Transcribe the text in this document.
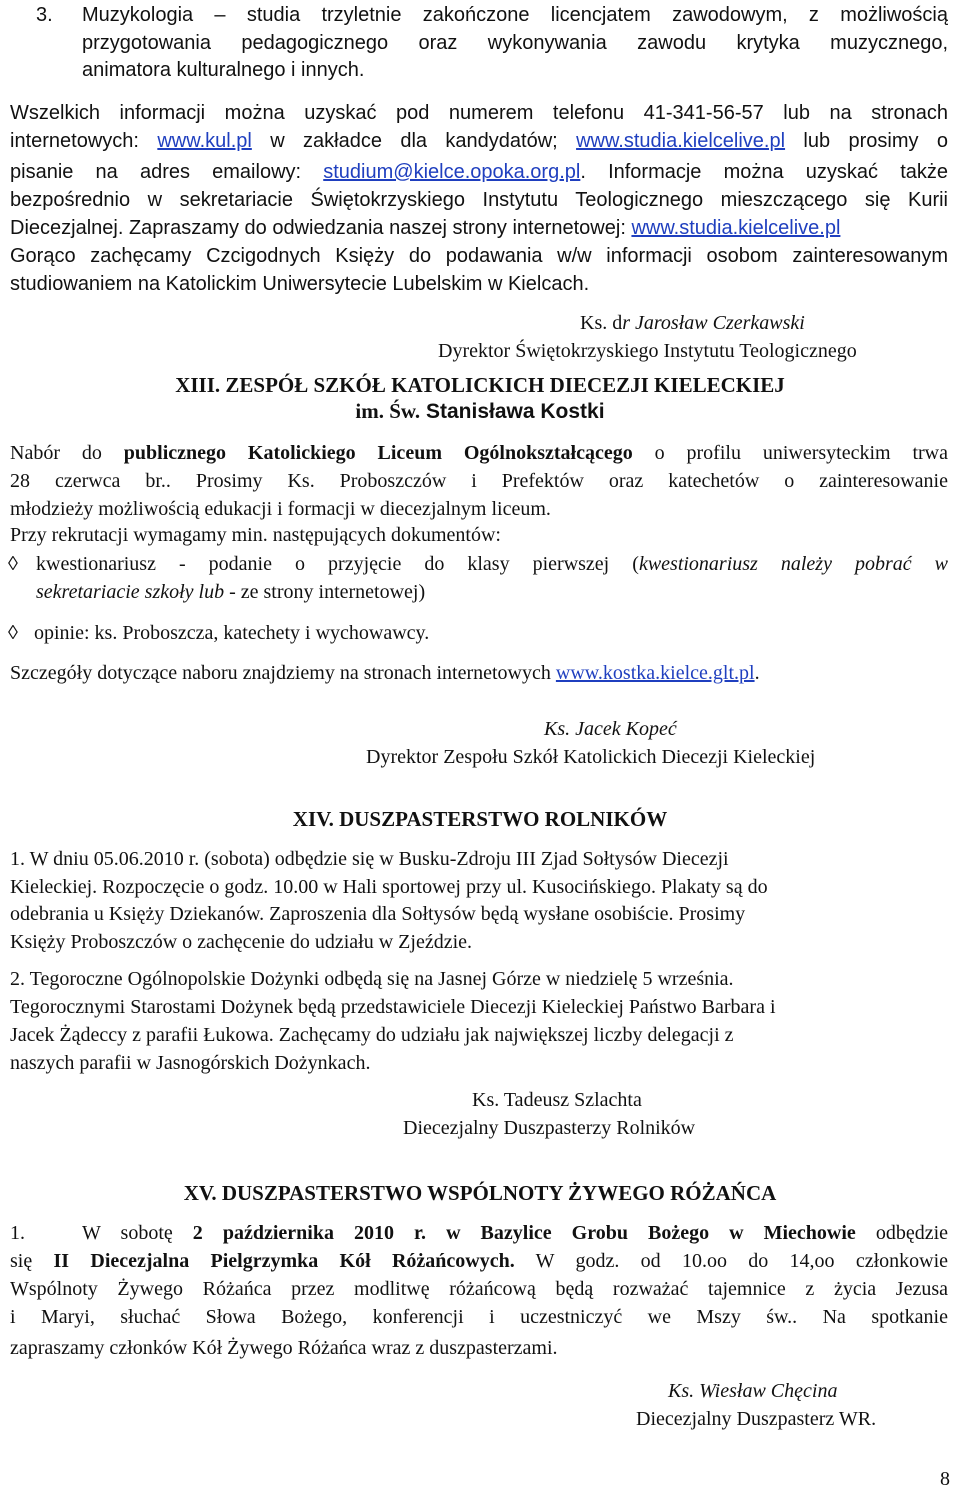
3.	Muzykologia – studia trzyletnie zakończone licencjatem zawodowym, z możliwością
przygotowania pedagogicznego oraz wykonywania zawodu krytyka muzycznego,
animatora kulturalnego i innych.
Wszelkich informacji można uzyskać pod numerem telefonu 41-341-56-57 lub na stronach
internetowych: www.kul.pl w zakładce dla kandydatów; www.studia.kielcelive.pl lub prosimy o
pisanie na adres emailowy: studium@kielce.opoka.org.pl. Informacje można uzyskać także
bezpośrednio w sekretariacie Świętokrzyskiego Instytutu Teologicznego mieszczącego się Kurii
Diecezjalnej. Zapraszamy do odwiedzania naszej strony internetowej: www.studia.kielcelive.pl
Gorąco zachęcamy Czcigodnych Księży do podawania w/w informacji osobom zainteresowanym
studiowaniem na Katolickim Uniwersytecie Lubelskim w Kielcach.
Ks. dr Jarosław Czerkawski
Dyrektor Świętokrzyskiego Instytutu Teologicznego
XIII. ZESPÓŁ SZKÓŁ KATOLICKICH DIECEZJI KIELECKIEJ
im. Św. Stanisława Kostki
Nabór do publicznego Katolickiego Liceum Ogólnokształcącego o profilu uniwersyteckim trwa
28 czerwca br.. Prosimy Ks. Proboszczów i Prefektów oraz katechetów o zainteresowanie
młodzieży możliwością edukacji i formacji w diecezjalnym liceum.
Przy rekrutacji wymagamy min. następujących dokumentów:
◊ kwestionariusz - podanie o przyjęcie do klasy pierwszej (kwestionariusz należy pobrać w
sekretariacie szkoły lub - ze strony internetowej)
◊ opinie: ks. Proboszcza, katechety i wychowawcy.
Szczegóły dotyczące naboru znajdziemy na stronach internetowych www.kostka.kielce.glt.pl.
Ks. Jacek Kopeć
Dyrektor Zespołu Szkół Katolickich Diecezji Kieleckiej
XIV. DUSZPASTERSTWO ROLNIKÓW
1. W dniu 05.06.2010 r. (sobota) odbędzie się w Busku-Zdroju III Zjad Sołtysów Diecezji
Kieleckiej. Rozpoczęcie o godz. 10.00 w Hali sportowej przy ul. Kusocińskiego. Plakaty są do
odebrania u Księży Dziekanów. Zaproszenia dla Sołtysów będą wysłane osobiście. Prosimy
Księży Proboszczów o zachęcenie do udziału w Zjeździe.
2. Tegoroczne Ogólnopolskie Dożynki odbędą się na Jasnej Górze w niedzielę 5 września.
Tegorocznymi Starostami Dożynek będą przedstawiciele Diecezji Kieleckiej Państwo Barbara i
Jacek Żądeccy z parafii Łukowa. Zachęcamy do udziału jak największej liczby delegacji z
naszych parafii w Jasnogórskich Dożynkach.
Ks. Tadeusz Szlachta
Diecezjalny Duszpasterzy Rolników
XV. DUSZPASTERSTWO WSPÓLNOTY ŻYWEGO RÓŻAŃCA
1.	W sobotę 2 października 2010 r. w Bazylice Grobu Bożego w Miechowie odbędzie
się II Diecezjalna Pielgrzymka Kół Różańcowych. W godz. od 10.oo do 14,oo członkowie
Wspólnoty Żywego Różańca przez modlitwę różańcową będą rozważać tajemnice z życia Jezusa
i Maryi, słuchać Słowa Bożego, konferencji i uczestniczyć we Mszy św.. Na spotkanie
zapraszamy członków Kół Żywego Różańca wraz z duszpasterzami.
Ks. Wiesław Chęcina
Diecezjalny Duszpasterz WR.
8
